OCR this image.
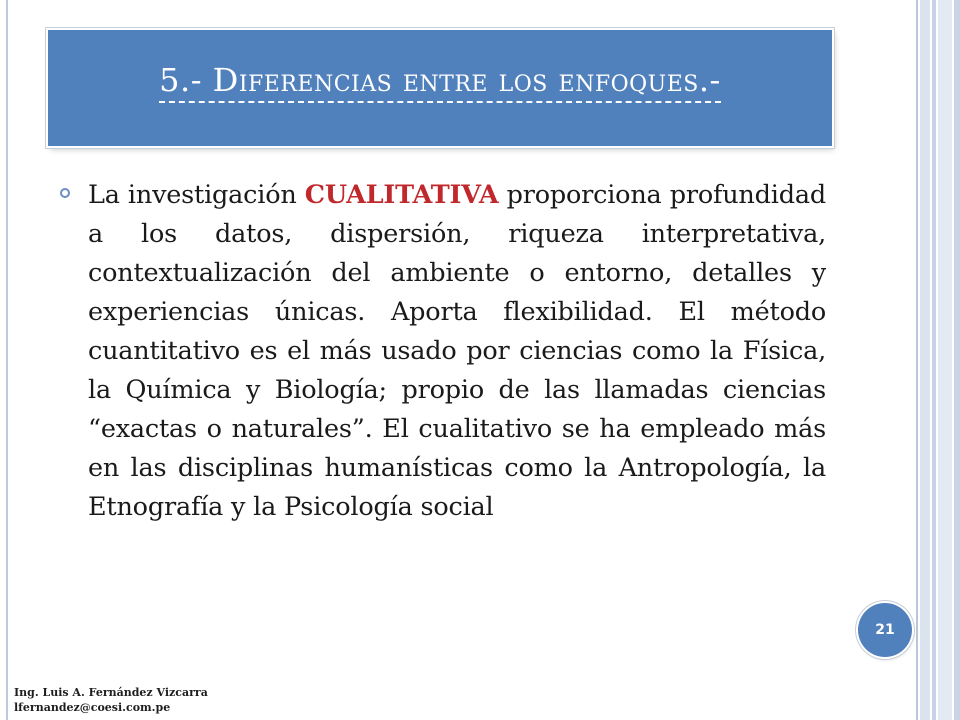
5.- Diferencias entre los enfoques.-
La investigación CUALITATIVA proporciona profundidad a los datos, dispersión, riqueza interpretativa, contextualización del ambiente o entorno, detalles y experiencias únicas. Aporta flexibilidad. El método cuantitativo es el más usado por ciencias como la Física, la Química y Biología; propio de las llamadas ciencias “exactas o naturales”. El cualitativo se ha empleado más en las disciplinas humanísticas como la Antropología, la Etnografía y la Psicología social
21
Ing. Luis A. Fernández Vizcarra
lfernandez@coesi.com.pe
